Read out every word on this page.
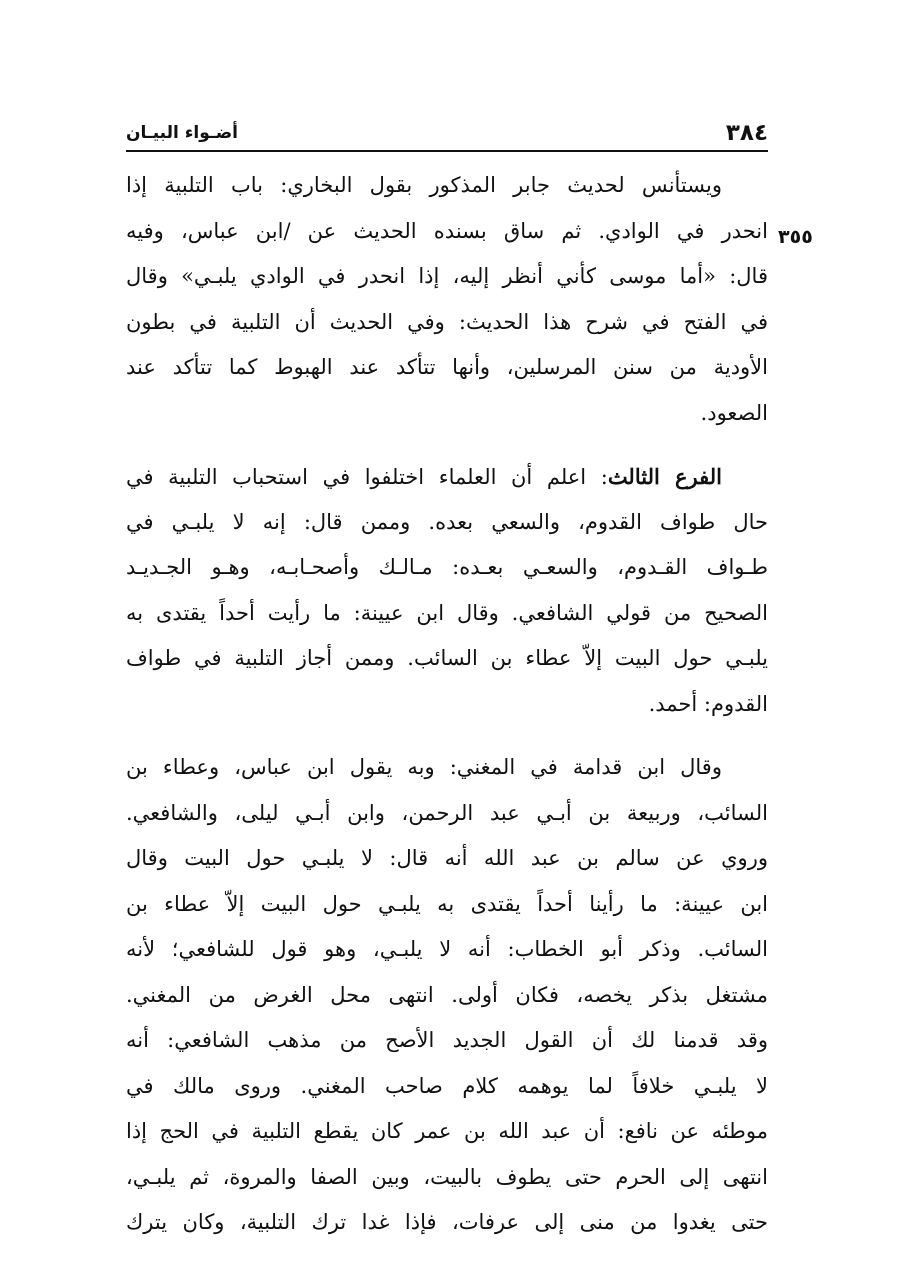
٣٨٤
أضـواء البيـان
٣٥٥
ويستأنس لحديث جابر المذكور بقول البخاري: باب التلبية إذا
انحدر في الوادي. ثم ساق بسنده الحديث عن /ابن عباس، وفيه
قال: «أما موسى كأني أنظر إليه، إذا انحدر في الوادي يلبـي» وقال
في الفتح في شرح هذا الحديث: وفي الحديث أن التلبية في بطون
الأودية من سنن المرسلين، وأنها تتأكد عند الهبوط كما تتأكد عند
الصعود.
الفرع الثالث: اعلم أن العلماء اختلفوا في استحباب التلبية في
حال طواف القدوم، والسعي بعده. وممن قال: إنه لا يلبـي في
طـواف القـدوم، والسعـي بعـده: مـالـك وأصحـابـه، وهـو الجـديـد
الصحيح من قولي الشافعي. وقال ابن عيينة: ما رأيت أحداً يقتدى به
يلبـي حول البيت إلاّ عطاء بن السائب. وممن أجاز التلبية في طواف
القدوم: أحمد.
وقال ابن قدامة في المغني: وبه يقول ابن عباس، وعطاء بن
السائب، وربيعة بن أبـي عبد الرحمن، وابن أبـي ليلى، والشافعي.
وروي عن سالم بن عبد الله أنه قال: لا يلبـي حول البيت وقال
ابن عيينة: ما رأينا أحداً يقتدى به يلبـي حول البيت إلاّ عطاء بن
السائب. وذكر أبو الخطاب: أنه لا يلبـي، وهو قول للشافعي؛ لأنه
مشتغل بذكر يخصه، فكان أولى. انتهى محل الغرض من المغني.
وقد قدمنا لك أن القول الجديد الأصح من مذهب الشافعي: أنه
لا يلبـي خلافاً لما يوهمه كلام صاحب المغني. وروى مالك في
موطئه عن نافع: أن عبد الله بن عمر كان يقطع التلبية في الحج إذا
انتهى إلى الحرم حتى يطوف بالبيت، وبين الصفا والمروة، ثم يلبـي،
حتى يغدوا من منى إلى عرفات، فإذا غدا ترك التلبية، وكان يترك
